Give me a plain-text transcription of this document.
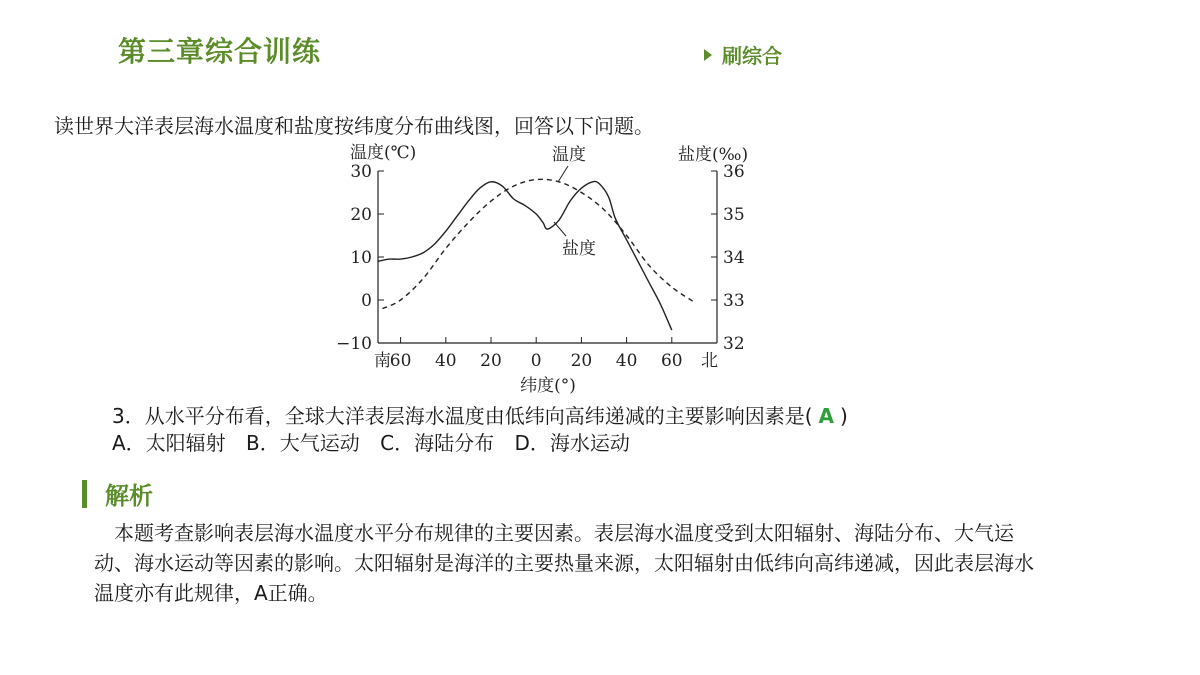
第三章综合训练	刷综合
读世界大洋表层海水温度和盐度按纬度分布曲线图，回答以下问题。
30
20
10
0
−10
36
35
34
33
32
60 40 20 0 20 40 60
南	北
温度(℃)	盐度(‰)
纬度(°)
温度
盐度
3．从水平分布看，全球大洋表层海水温度由低纬向高纬递减的主要影响因素是( A )
A．太阳辐射 B．大气运动 C．海陆分布 D．海水运动
解析
本题考查影响表层海水温度水平分布规律的主要因素。表层海水温度受到太阳辐射、海陆分布、大气运动、海水运动等因素的影响。太阳辐射是海洋的主要热量来源，太阳辐射由低纬向高纬递减，因此表层海水温度亦有此规律，A正确。
